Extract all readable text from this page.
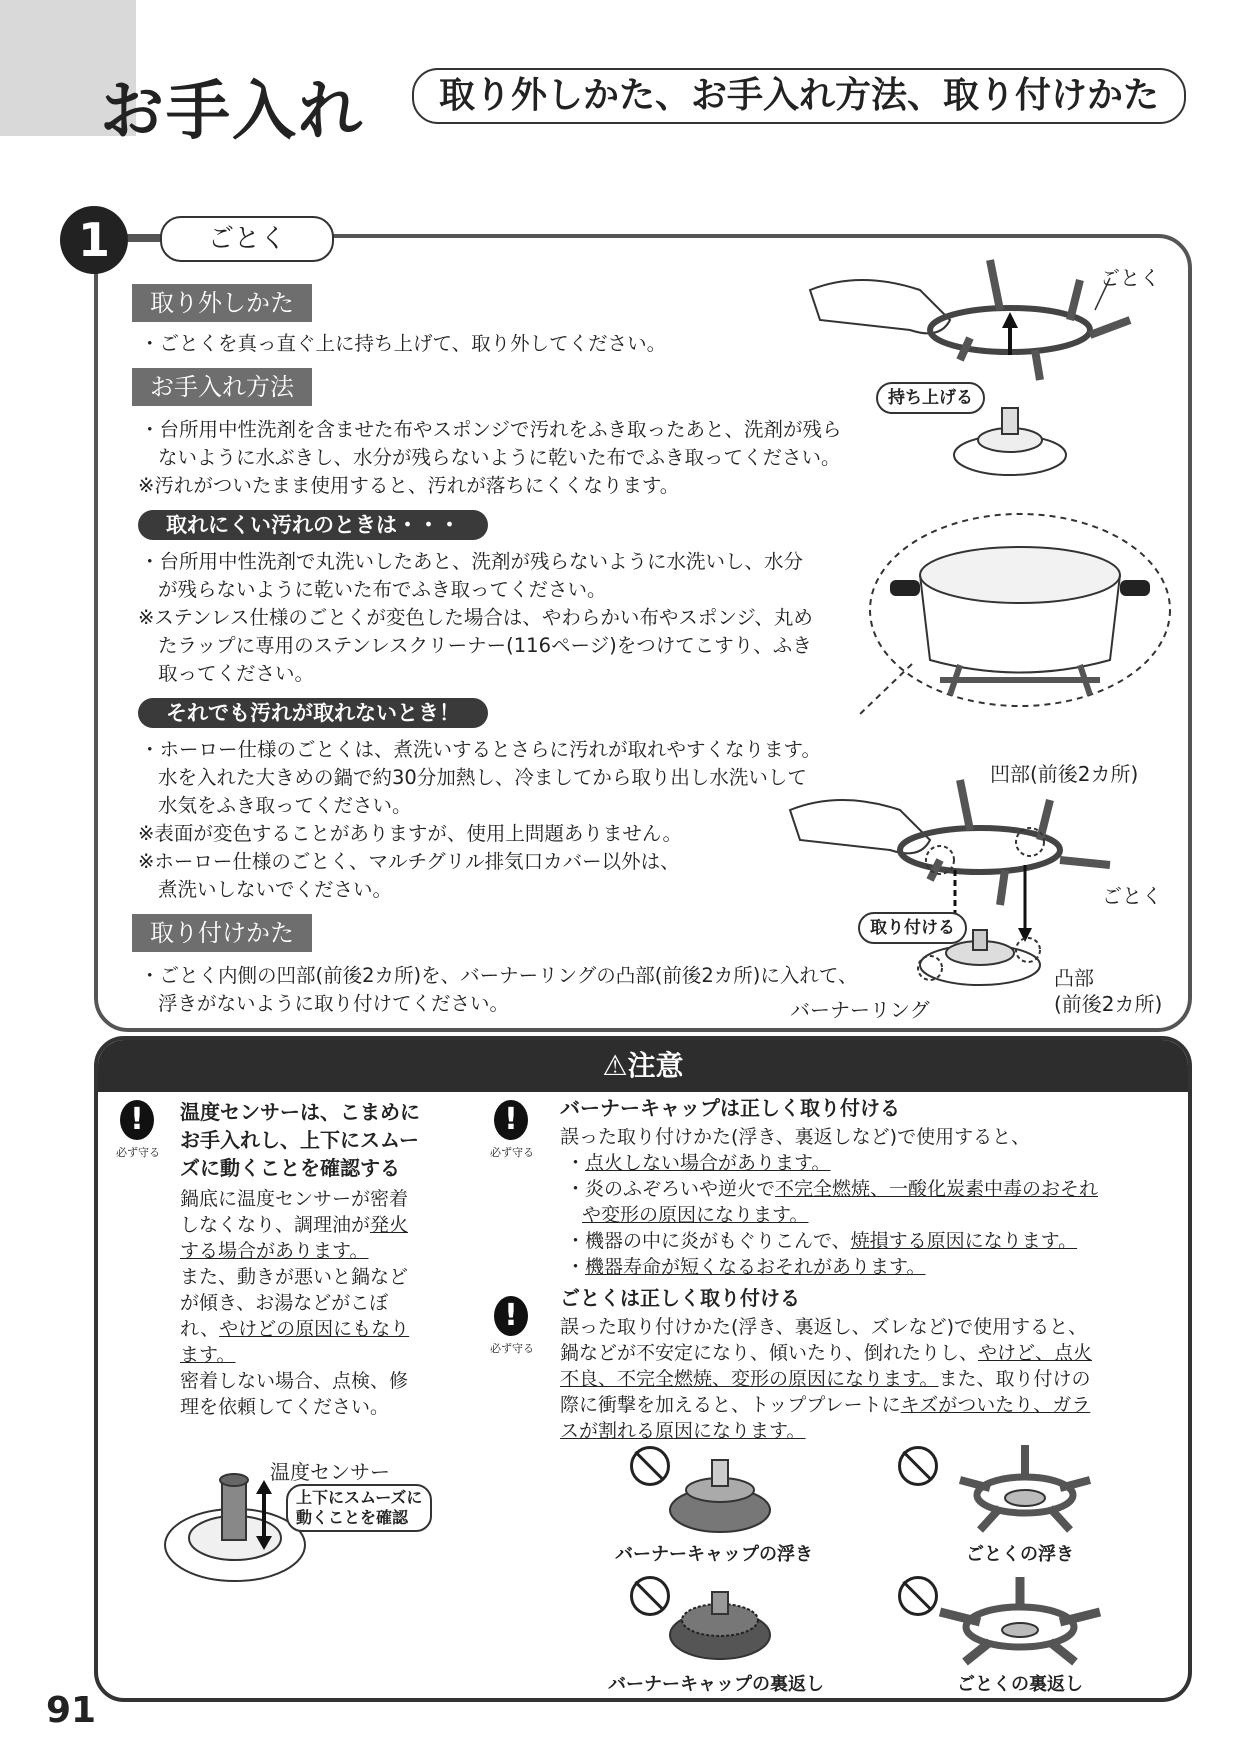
お手入れ	取り外しかた、お手入れ方法、取り付けかた
1	ごとく
取り外しかた
・ごとくを真っ直ぐ上に持ち上げて、取り外してください。
お手入れ方法
・台所用中性洗剤を含ませた布やスポンジで汚れをふき取ったあと、洗剤が残ら
ないように水ぶきし、水分が残らないように乾いた布でふき取ってください。
※汚れがついたまま使用すると、汚れが落ちにくくなります。
取れにくい汚れのときは・・・
・台所用中性洗剤で丸洗いしたあと、洗剤が残らないように水洗いし、水分
が残らないように乾いた布でふき取ってください。
※ステンレス仕様のごとくが変色した場合は、やわらかい布やスポンジ、丸め
たラップに専用のステンレスクリーナー(116ページ)をつけてこすり、ふき
取ってください。
それでも汚れが取れないとき！
・ホーロー仕様のごとくは、煮洗いするとさらに汚れが取れやすくなります。
水を入れた大きめの鍋で約30分加熱し、冷ましてから取り出し水洗いして
水気をふき取ってください。
※表面が変色することがありますが、使用上問題ありません。
※ホーロー仕様のごとく、マルチグリル排気口カバー以外は、
煮洗いしないでください。
取り付けかた
・ごとく内側の凹部(前後2カ所)を、バーナーリングの凸部(前後2カ所)に入れて、
浮きがないように取り付けてください。
ごとく
持ち上げる
凹部(前後2カ所)
ごとく
取り付ける
凸部
(前後2カ所)
バーナーリング
⚠注意
!
必ず守る
温度センサーは、こまめに
お手入れし、上下にスムー
ズに動くことを確認する
鍋底に温度センサーが密着
しなくなり、調理油が発火
する場合があります。
また、動きが悪いと鍋など
が傾き、お湯などがこぼ
れ、やけどの原因にもなり
ます。
密着しない場合、点検、修
理を依頼してください。
温度センサー
上下にスムーズに
動くことを確認
!
必ず守る
バーナーキャップは正しく取り付ける
誤った取り付けかた(浮き、裏返しなど)で使用すると、
・点火しない場合があります。
・炎のふぞろいや逆火で不完全燃焼、一酸化炭素中毒のおそれ
や変形の原因になります。
・機器の中に炎がもぐりこんで、焼損する原因になります。
・機器寿命が短くなるおそれがあります。
!
必ず守る
ごとくは正しく取り付ける
誤った取り付けかた(浮き、裏返し、ズレなど)で使用すると、
鍋などが不安定になり、傾いたり、倒れたりし、やけど、点火
不良、不完全燃焼、変形の原因になります。また、取り付けの
際に衝撃を加えると、トッププレートにキズがついたり、ガラ
スが割れる原因になります。
バーナーキャップの浮き	ごとくの浮き
バーナーキャップの裏返し	ごとくの裏返し
91
